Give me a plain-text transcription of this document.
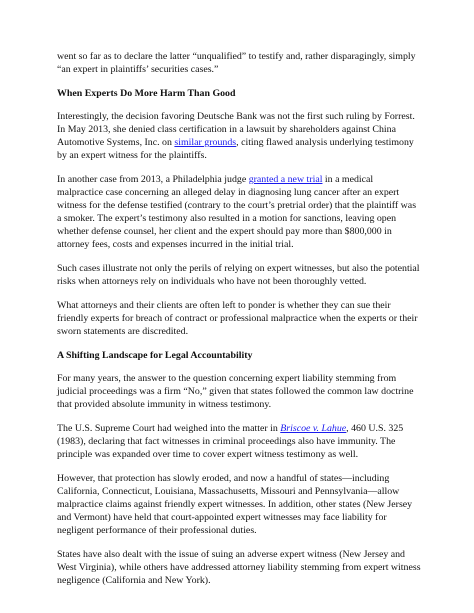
went so far as to declare the latter “unqualified” to testify and, rather disparagingly, simply “an expert in plaintiffs’ securities cases.”

When Experts Do More Harm Than Good

Interestingly, the decision favoring Deutsche Bank was not the first such ruling by Forrest. In May 2013, she denied class certification in a lawsuit by shareholders against China Automotive Systems, Inc. on similar grounds, citing flawed analysis underlying testimony by an expert witness for the plaintiffs.

In another case from 2013, a Philadelphia judge granted a new trial in a medical malpractice case concerning an alleged delay in diagnosing lung cancer after an expert witness for the defense testified (contrary to the court’s pretrial order) that the plaintiff was a smoker. The expert’s testimony also resulted in a motion for sanctions, leaving open whether defense counsel, her client and the expert should pay more than $800,000 in attorney fees, costs and expenses incurred in the initial trial.

Such cases illustrate not only the perils of relying on expert witnesses, but also the potential risks when attorneys rely on individuals who have not been thoroughly vetted.

What attorneys and their clients are often left to ponder is whether they can sue their friendly experts for breach of contract or professional malpractice when the experts or their sworn statements are discredited.

A Shifting Landscape for Legal Accountability

For many years, the answer to the question concerning expert liability stemming from judicial proceedings was a firm “No,” given that states followed the common law doctrine that provided absolute immunity in witness testimony.

The U.S. Supreme Court had weighed into the matter in Briscoe v. Lahue, 460 U.S. 325 (1983), declaring that fact witnesses in criminal proceedings also have immunity. The principle was expanded over time to cover expert witness testimony as well.

However, that protection has slowly eroded, and now a handful of states—including California, Connecticut, Louisiana, Massachusetts, Missouri and Pennsylvania—allow malpractice claims against friendly expert witnesses. In addition, other states (New Jersey and Vermont) have held that court-appointed expert witnesses may face liability for negligent performance of their professional duties.

States have also dealt with the issue of suing an adverse expert witness (New Jersey and West Virginia), while others have addressed attorney liability stemming from expert witness negligence (California and New York).
